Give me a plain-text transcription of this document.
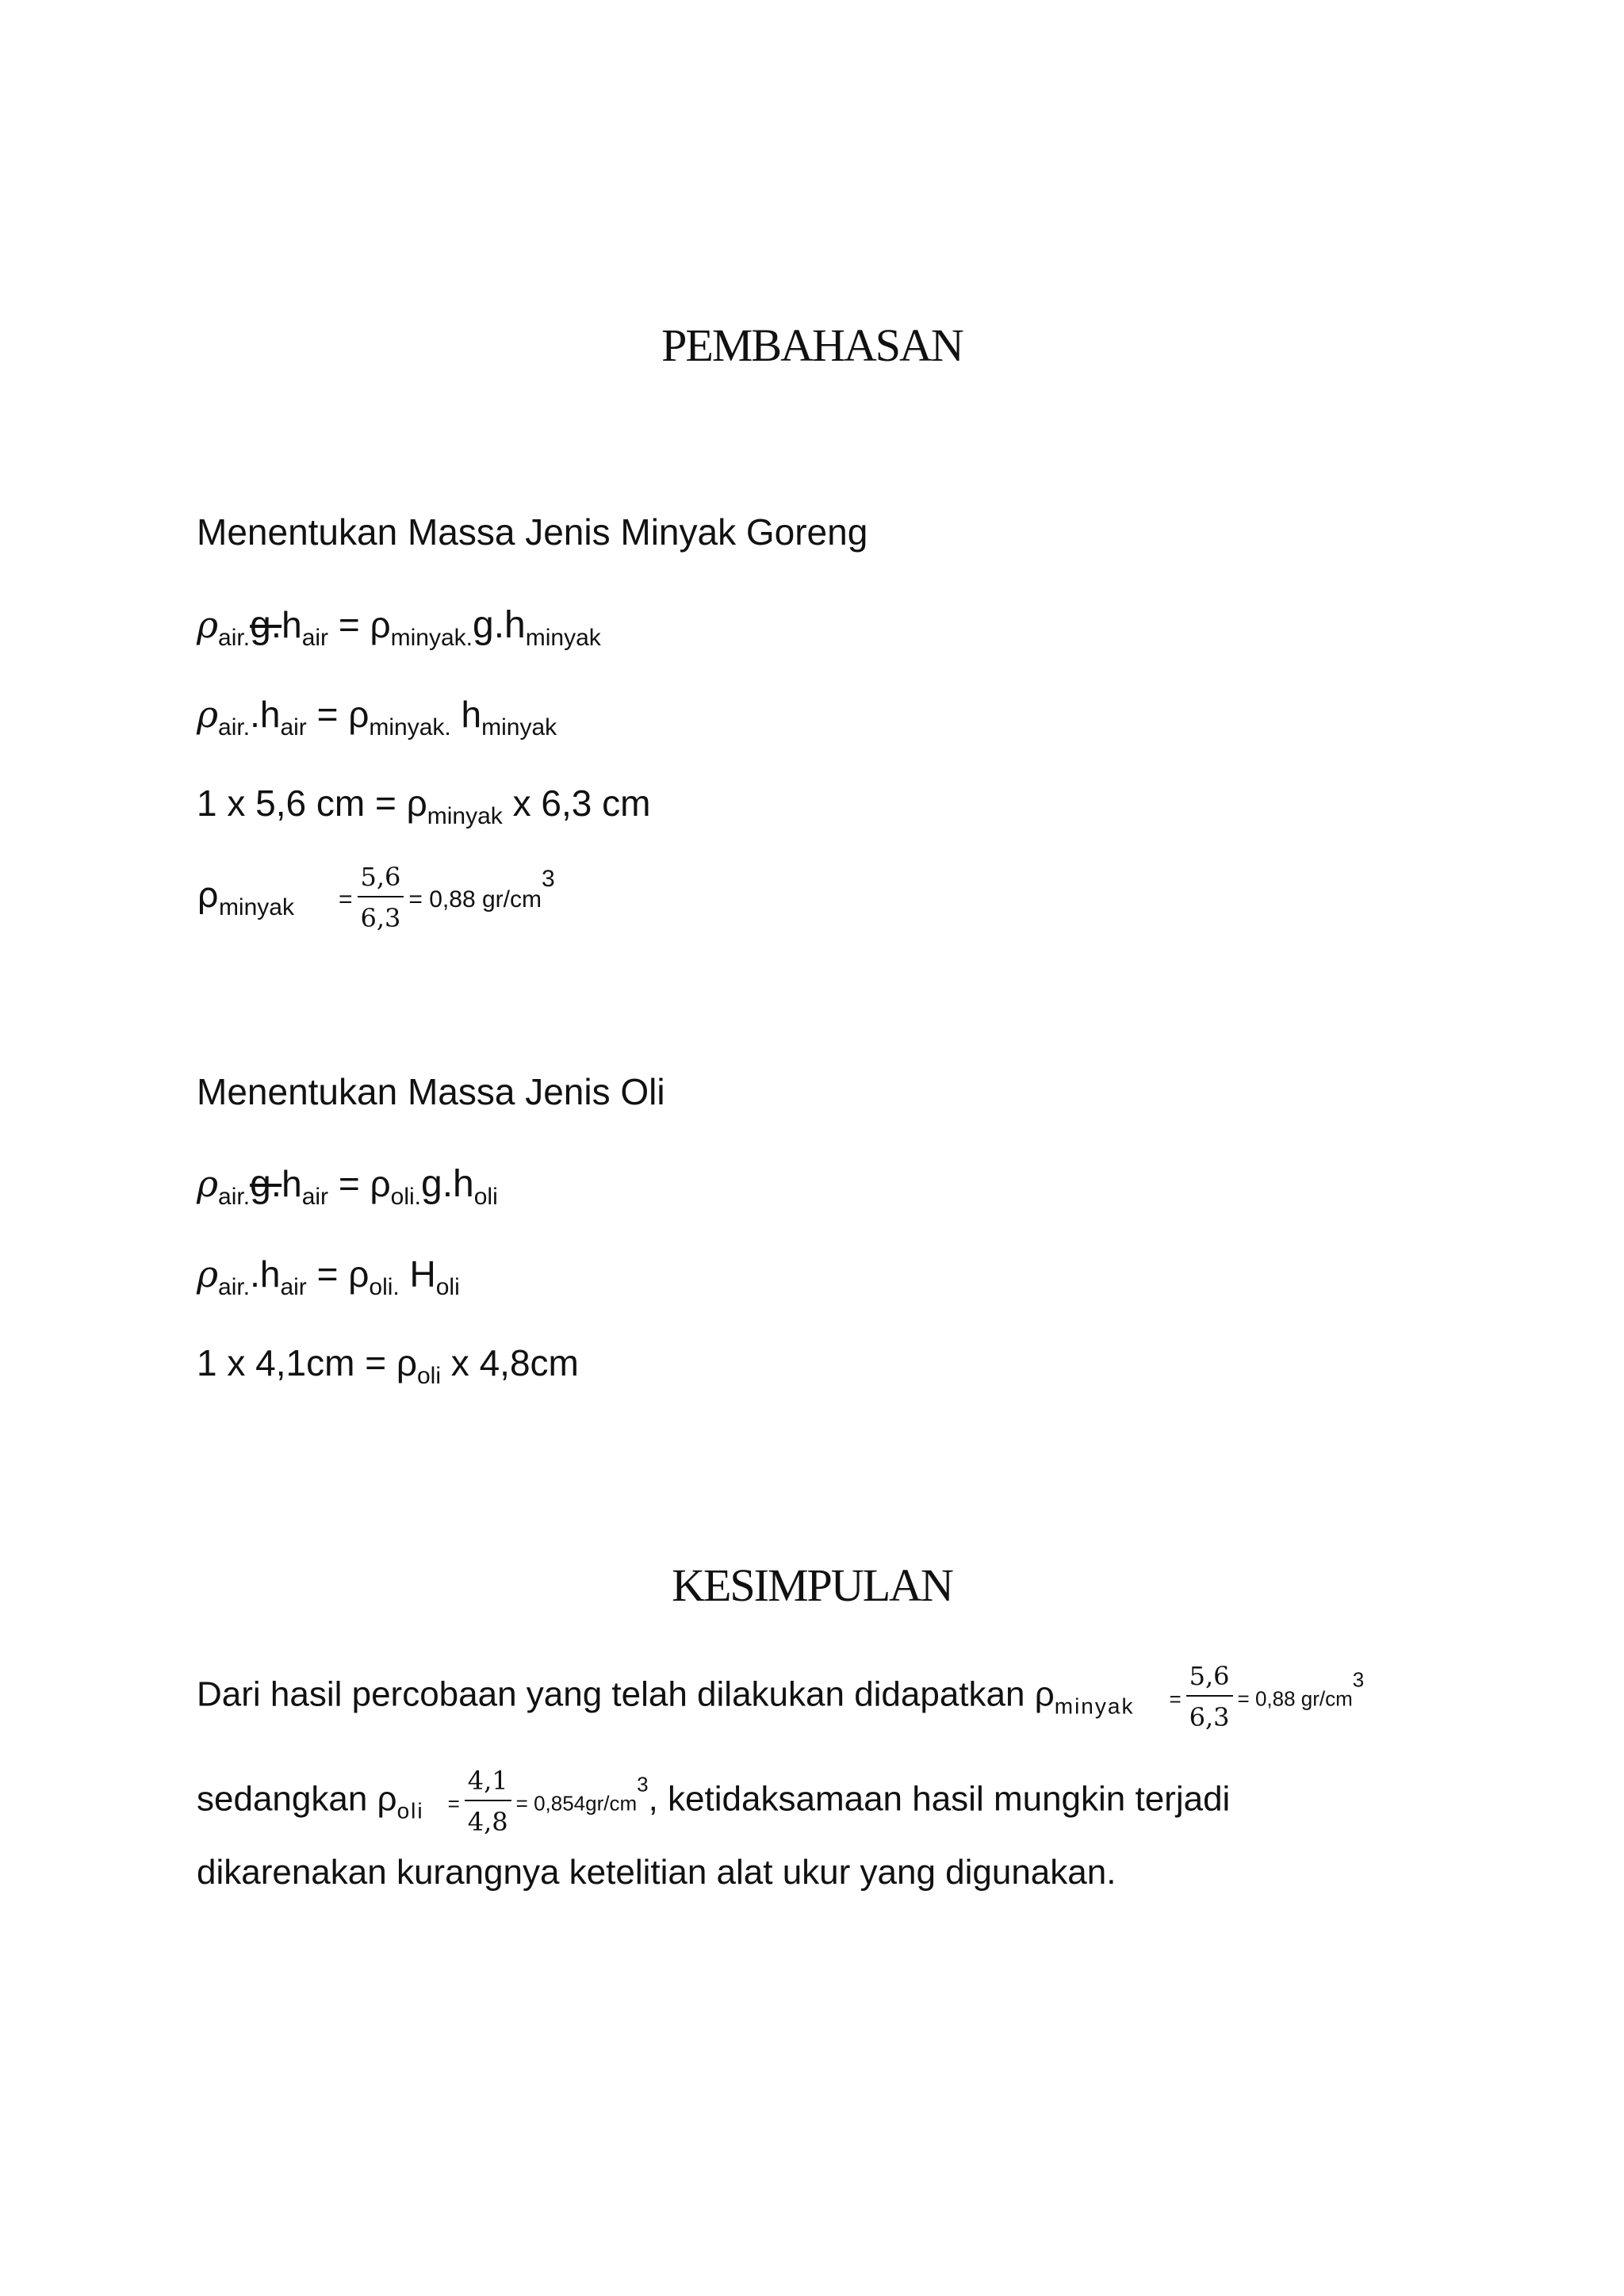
PEMBAHASAN
Menentukan Massa Jenis Minyak Goreng
$\rho_{air.}g.h_{air} = \rho_{minyak.}g.h_{minyak}$
$\rho_{air.}.h_{air} = \rho_{minyak.}$ $h_{minyak}$
1 x 5,6 cm = $\rho_{minyak}$ x 6,3 cm
$\rho_{minyak} = \frac{5,6}{6,3} = 0,88$ $gr/cm^3$
Menentukan Massa Jenis Oli
$\rho_{air.}g.h_{air} = \rho_{oli.}g.h_{oli}$
$\rho_{air.}.h_{air} = \rho_{oli.}$ $H_{oli}$
1 x $4,1cm = \rho_{oli}$ x 4,8cm
KESIMPULAN
Dari hasil percobaan yang telah dilakukan didapatkan $\rho_{minyak} = \frac{5,6}{6,3} = 0,88$ $gr/cm^3$
sedangkan $\rho_{oli} = \frac{4,1}{4,8} = 0,854gr/cm^3$, ketidaksamaan hasil mungkin terjadi
dikarenakan kurangnya ketelitian alat ukur yang digunakan.
